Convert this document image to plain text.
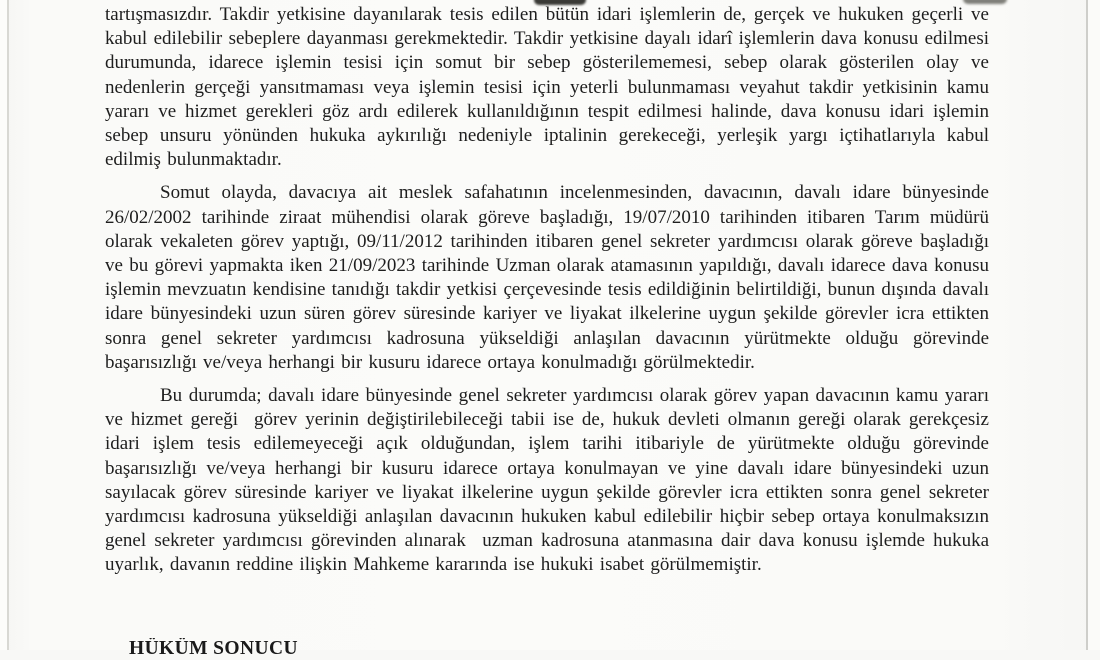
tartışmasızdır. Takdir yetkisine dayanılarak tesis edilen bütün idari işlemlerin de, gerçek ve hukuken geçerli ve kabul edilebilir sebeplere dayanması gerekmektedir. Takdir yetkisine dayalı idarî işlemlerin dava konusu edilmesi durumunda, idarece işlemin tesisi için somut bir sebep gösterilememesi, sebep olarak gösterilen olay ve nedenlerin gerçeği yansıtmaması veya işlemin tesisi için yeterli bulunmaması veyahut takdir yetkisinin kamu yararı ve hizmet gerekleri göz ardı edilerek kullanıldığının tespit edilmesi halinde, dava konusu idari işlemin sebep unsuru yönünden hukuka aykırılığı nedeniyle iptalinin gerekeceği, yerleşik yargı içtihatlarıyla kabul edilmiş bulunmaktadır.

Somut olayda, davacıya ait meslek safahatının incelenmesinden, davacının, davalı idare bünyesinde 26/02/2002 tarihinde ziraat mühendisi olarak göreve başladığı, 19/07/2010 tarihinden itibaren Tarım müdürü olarak vekaleten görev yaptığı, 09/11/2012 tarihinden itibaren genel sekreter yardımcısı olarak göreve başladığı ve bu görevi yapmakta iken 21/09/2023 tarihinde Uzman olarak atamasının yapıldığı, davalı idarece dava konusu işlemin mevzuatın kendisine tanıdığı takdir yetkisi çerçevesinde tesis edildiğinin belirtildiği, bunun dışında davalı idare bünyesindeki uzun süren görev süresinde kariyer ve liyakat ilkelerine uygun şekilde görevler icra ettikten sonra genel sekreter yardımcısı kadrosuna yükseldiği anlaşılan davacının yürütmekte olduğu görevinde başarısızlığı ve/veya herhangi bir kusuru idarece ortaya konulmadığı görülmektedir.

Bu durumda; davalı idare bünyesinde genel sekreter yardımcısı olarak görev yapan davacının kamu yararı ve hizmet gereği  görev yerinin değiştirilebileceği tabii ise de, hukuk devleti olmanın gereği olarak gerekçesiz idari işlem tesis edilemeyeceği açık olduğundan, işlem tarihi itibariyle de yürütmekte olduğu görevinde başarısızlığı ve/veya herhangi bir kusuru idarece ortaya konulmayan ve yine davalı idare bünyesindeki uzun sayılacak görev süresinde kariyer ve liyakat ilkelerine uygun şekilde görevler icra ettikten sonra genel sekreter yardımcısı kadrosuna yükseldiği anlaşılan davacının hukuken kabul edilebilir hiçbir sebep ortaya konulmaksızın genel sekreter yardımcısı görevinden alınarak  uzman kadrosuna atanmasına dair dava konusu işlemde hukuka uyarlık, davanın reddine ilişkin Mahkeme kararında ise hukuki isabet görülmemiştir.

HÜKÜM SONUCU
